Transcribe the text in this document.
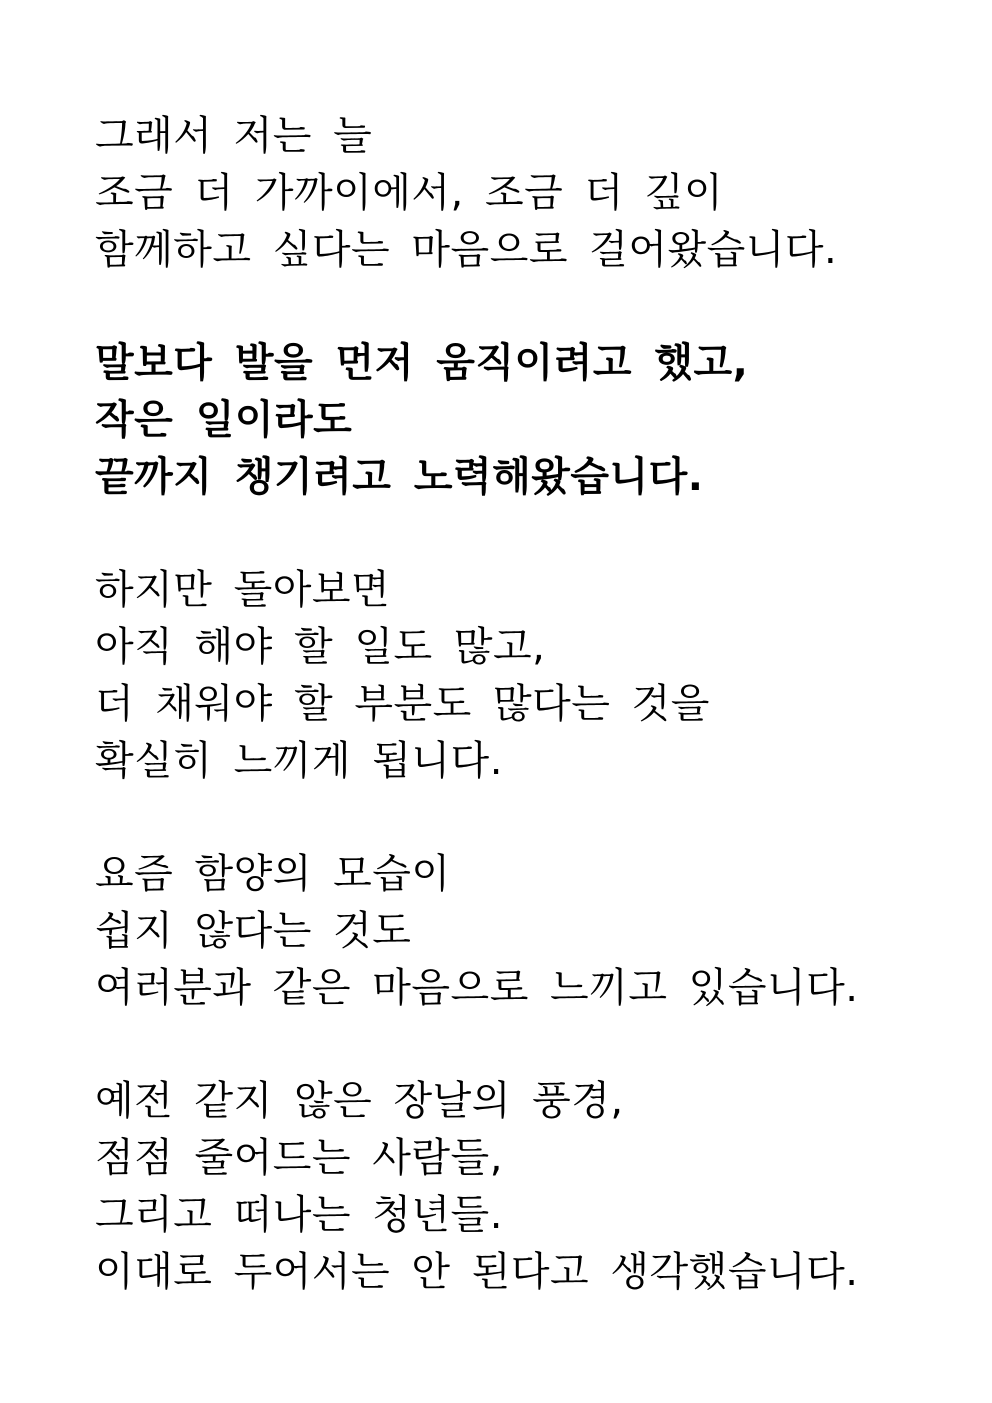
그래서 저는 늘
조금 더 가까이에서, 조금 더 깊이
함께하고 싶다는 마음으로 걸어왔습니다.
말보다 발을 먼저 움직이려고 했고,
작은 일이라도
끝까지 챙기려고 노력해왔습니다.
하지만 돌아보면
아직 해야 할 일도 많고,
더 채워야 할 부분도 많다는 것을
확실히 느끼게 됩니다.
요즘 함양의 모습이
쉽지 않다는 것도
여러분과 같은 마음으로 느끼고 있습니다.
예전 같지 않은 장날의 풍경,
점점 줄어드는 사람들,
그리고 떠나는 청년들.
이대로 두어서는 안 된다고 생각했습니다.
